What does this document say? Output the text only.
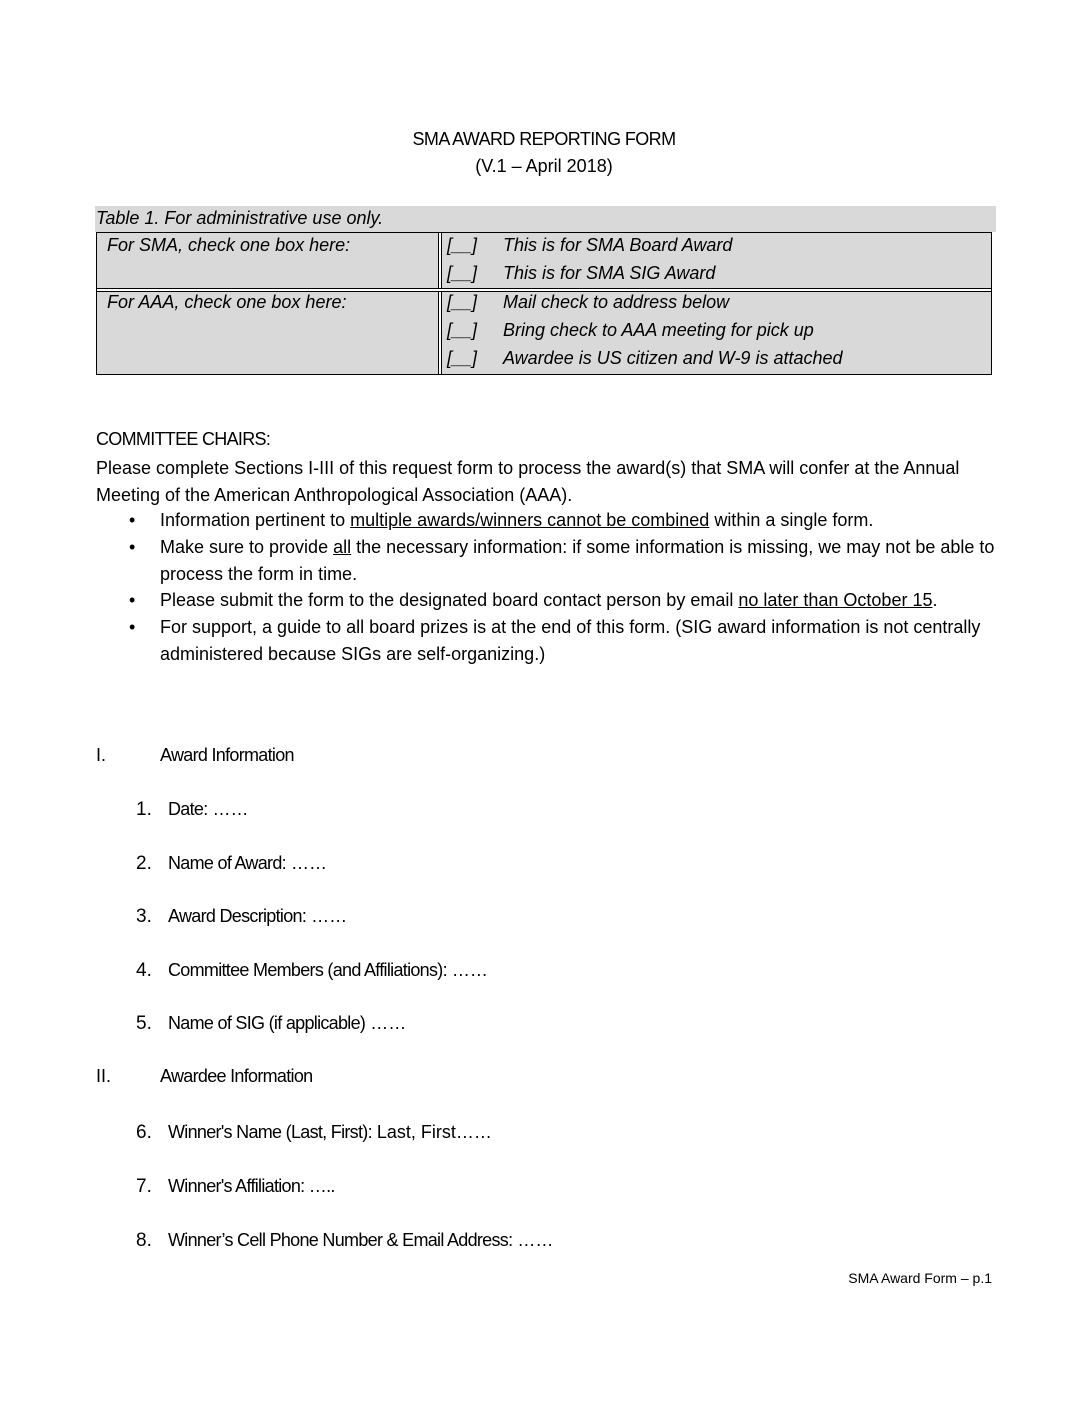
SMA AWARD REPORTING FORM
(V.1 – April 2018)
Table 1. For administrative use only.
For SMA, check one box here:	[__] This is for SMA Board Award
[__] This is for SMA SIG Award
For AAA, check one box here:	[__] Mail check to address below
[__] Bring check to AAA meeting for pick up
[__] Awardee is US citizen and W-9 is attached
COMMITTEE CHAIRS:
Please complete Sections I-III of this request form to process the award(s) that SMA will confer at the Annual Meeting of the American Anthropological Association (AAA).
• Information pertinent to multiple awards/winners cannot be combined within a single form.
• Make sure to provide all the necessary information: if some information is missing, we may not be able to process the form in time.
• Please submit the form to the designated board contact person by email no later than October 15.
• For support, a guide to all board prizes is at the end of this form. (SIG award information is not centrally administered because SIGs are self-organizing.)
I.	Award Information
1. Date: ……
2. Name of Award: ……
3. Award Description: ……
4. Committee Members (and Affiliations): ……
5. Name of SIG (if applicable) ……
II.	Awardee Information
6. Winner's Name (Last, First): Last, First……
7. Winner's Affiliation: …..
8. Winner’s Cell Phone Number & Email Address: ……
SMA Award Form – p.1
